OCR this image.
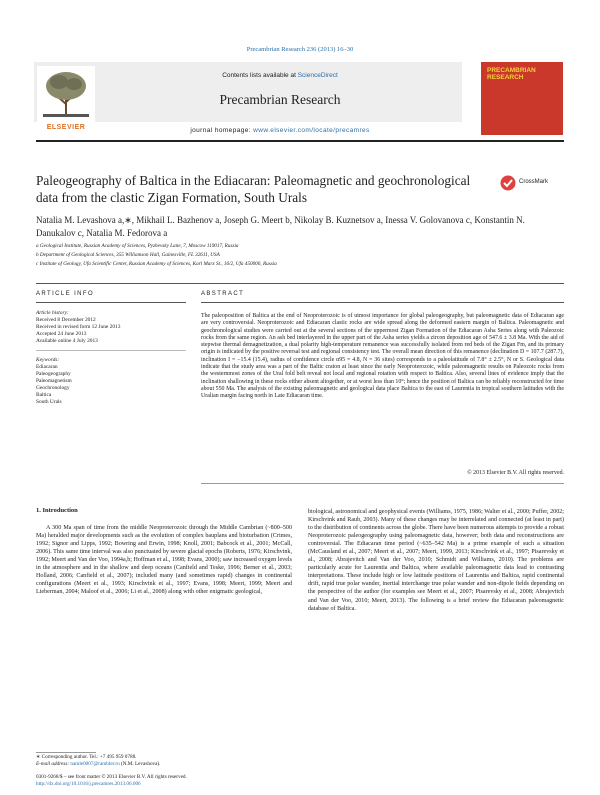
Precambrian Research 236 (2013) 16–30
ELSEVIER
Contents lists available at ScienceDirect
Precambrian Research
PRECAMBRIAN RESEARCH
journal homepage: www.elsevier.com/locate/precamres
Paleogeography of Baltica in the Ediacaran: Paleomagnetic and geochronological data from the clastic Zigan Formation, South Urals
CrossMark
Natalia M. Levashova a,∗, Mikhail L. Bazhenov a, Joseph G. Meert b, Nikolay B. Kuznetsov a, Inessa V. Golovanova c, Konstantin N. Danukalov c, Natalia M. Fedorova a
a Geological Institute, Russian Academy of Sciences, Pyzhevsky Lane, 7, Moscow 119017, Russia
b Department of Geological Sciences, 355 Williamson Hall, Gainesville, FL 32611, USA
c Institute of Geology, Ufa Scientific Center, Russian Academy of Sciences, Karl Marx St., 16/2, Ufa 450000, Russia
ARTICLE INFO
Article history:
Received 8 December 2012
Received in revised form 12 June 2013
Accepted 24 June 2013
Available online 4 July 2013
Keywords:
Ediacaran
Paleogeography
Paleomagnetism
Geochronology
Baltica
South Urals
ABSTRACT
The paleoposition of Baltica at the end of Neoproterozoic is of utmost importance for global paleogeography, but paleomagnetic data of Ediacaran age are very controversial. Neoproterozoic and Ediacaran clastic rocks are wide spread along the deformed eastern margin of Baltica. Paleomagnetic and geochronological studies were carried out at the several sections of the uppermost Zigan Formation of the Ediacaran Asha Series along with Paleozoic rocks from the same region. An ash bed interlayered in the upper part of the Asha series yields a zircon deposition age of 547.6 ± 3.8 Ma. With the aid of stepwise thermal demagnetization, a dual polarity high-temperature remanence was successfully isolated from red beds of the Zigan Fm, and its primary origin is indicated by the positive reversal test and regional consistency test. The overall mean direction of this remanence (declination D = 107.7 (287.7), inclination I = −15.4 (15.4), radius of confidence circle α95 = 4.8, N = 36 sites) corresponds to a paleolatitude of 7.8° ± 2.5°, N or S. Geological data indicate that the study area was a part of the Baltic craton at least since the early Neoproterozoic, while paleomagnetic results on Paleozoic rocks from the westernmost zones of the Ural fold belt reveal not local and regional rotation with respect to Baltica. Also, several lines of evidence imply that the inclination shallowing in these rocks either absent altogether, or at worst less than 10°; hence the position of Baltica can be reliably reconstructed for time about 550 Ma. The analysis of the existing paleomagnetic and geological data place Baltica to the east of Laurentia in tropical southern latitudes with the Uralian margin facing north in Late Ediacaran time.
© 2013 Elsevier B.V. All rights reserved.
1. Introduction
A 300 Ma span of time from the middle Neoproterozoic through the Middle Cambrian (~800–500 Ma) heralded major developments such as the evolution of complex bauplans and bioturbation (Crimes, 1992; Signor and Lipps, 1992; Bowring and Erwin, 1998; Knoll, 2001; Babcock et al., 2001; McCall, 2006). This same time interval was also punctuated by severe glacial epochs (Roberts, 1976; Kirschvink, 1992; Meert and Van der Voo, 1994a,b; Hoffman et al., 1998; Evans, 2000); saw increased oxygen levels in the atmosphere and in the shallow and deep oceans (Canfield and Teske, 1996; Berner et al., 2003; Holland, 2006; Canfield et al., 2007); included many (and sometimes rapid) changes in continental configurations (Meert et al., 1993; Kirschvink et al., 1997; Evans, 1998; Meert, 1999; Meert and Lieberman, 2004; Maloof et al., 2006; Li et al., 2008) along with other enigmatic geological,
biological, astronomical and geophysical events (Williams, 1975, 1986; Walter et al., 2000; Puffer, 2002; Kirschvink and Raub, 2003). Many of these changes may be interrelated and connected (at least in part) to the distribution of continents across the globe. There have been numerous attempts to provide a robust Neoproterozoic paleogeography using paleomagnetic data, however; both data and reconstructions are controversial. The Ediacaran time period (~635–542 Ma) is a prime example of such a situation (McCausland et al., 2007; Meert et al., 2007; Meert, 1999, 2013; Kirschvink et al., 1997; Pisarevsky et al., 2008; Abrajevitch and Van der Voo, 2010; Schmidt and Williams, 2010). The problems are particularly acute for Laurentia and Baltica, where available paleomagnetic data lead to contrasting interpretations. These include high or low latitude positions of Laurentia and Baltica, rapid continental drift, rapid true polar wander, inertial interchange true polar wander and non-dipole fields depending on the perspective of the author (for examples see Meert et al., 2007; Pisarevsky et al., 2008; Abrajevitch and Van der Voo, 2010; Meert, 2013). The following is a brief review the Ediacaran paleomagnetic database of Baltica.
∗ Corresponding author. Tel.: +7 495 959 0788.
E-mail address: namle0007@rambler.ru (N.M. Levashova).
0301-9268/$ – see front matter © 2013 Elsevier B.V. All rights reserved.
http://dx.doi.org/10.1016/j.precamres.2013.06.006
